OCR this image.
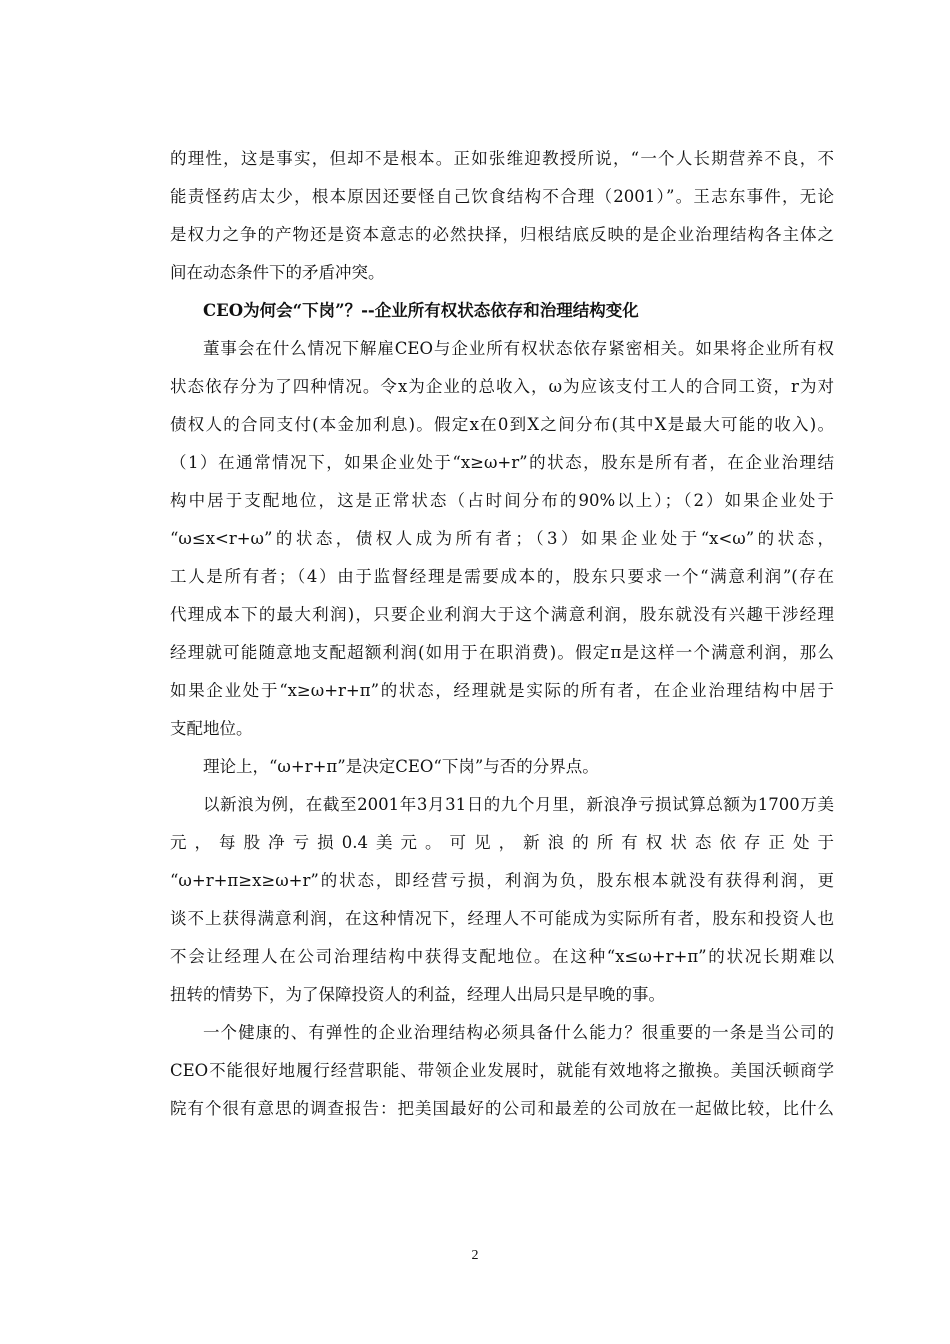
的理性，这是事实，但却不是根本。正如张维迎教授所说，“一个人长期营养不良，不
能责怪药店太少，根本原因还要怪自己饮食结构不合理（2001）”。王志东事件，无论
是权力之争的产物还是资本意志的必然抉择，归根结底反映的是企业治理结构各主体之
间在动态条件下的矛盾冲突。
CEO为何会“下岗”？--企业所有权状态依存和治理结构变化
董事会在什么情况下解雇CEO与企业所有权状态依存紧密相关。如果将企业所有权
状态依存分为了四种情况。令x为企业的总收入，ω为应该支付工人的合同工资，r为对
债权人的合同支付(本金加利息)。假定x在0到X之间分布(其中X是最大可能的收入)。
（1）在通常情况下，如果企业处于“x≥ω+r”的状态，股东是所有者，在企业治理结
构中居于支配地位，这是正常状态（占时间分布的90%以上）；（2）如果企业处于
“ω≤x<r+ω”的状态，债权人成为所有者；（3）如果企业处于“x<ω”的状态，
工人是所有者；（4）由于监督经理是需要成本的，股东只要求一个“满意利润”(存在
代理成本下的最大利润)，只要企业利润大于这个满意利润，股东就没有兴趣干涉经理
经理就可能随意地支配超额利润(如用于在职消费)。假定π是这样一个满意利润，那么
如果企业处于“x≥ω+r+π”的状态，经理就是实际的所有者，在企业治理结构中居于
支配地位。
理论上，“ω+r+π”是决定CEO“下岗”与否的分界点。
以新浪为例，在截至2001年3月31日的九个月里，新浪净亏损试算总额为1700万美
元，每股净亏损0.4美元。可见，新浪的所有权状态依存正处于
“ω+r+π≥x≥ω+r”的状态，即经营亏损，利润为负，股东根本就没有获得利润，更
谈不上获得满意利润，在这种情况下，经理人不可能成为实际所有者，股东和投资人也
不会让经理人在公司治理结构中获得支配地位。在这种“x≤ω+r+π”的状况长期难以
扭转的情势下，为了保障投资人的利益，经理人出局只是早晚的事。
一个健康的、有弹性的企业治理结构必须具备什么能力？很重要的一条是当公司的
CEO不能很好地履行经营职能、带领企业发展时，就能有效地将之撤换。美国沃顿商学
院有个很有意思的调查报告：把美国最好的公司和最差的公司放在一起做比较，比什么
2
